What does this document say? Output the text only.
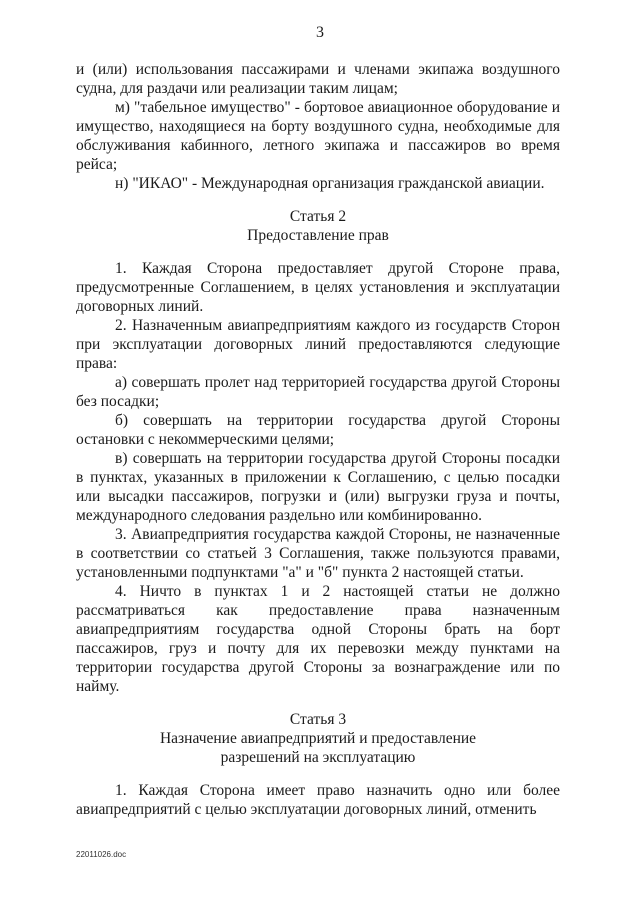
3

и (или) использования пассажирами и членами экипажа воздушного судна, для раздачи или реализации таким лицам;

м) "табельное имущество" - бортовое авиационное оборудование и имущество, находящиеся на борту воздушного судна, необходимые для обслуживания кабинного, летного экипажа и пассажиров во время рейса;

н) "ИКАО" - Международная организация гражданской авиации.

Статья 2

Предоставление прав

1. Каждая Сторона предоставляет другой Стороне права, предусмотренные Соглашением, в целях установления и эксплуатации договорных линий.

2. Назначенным авиапредприятиям каждого из государств Сторон при эксплуатации договорных линий предоставляются следующие права:

а) совершать пролет над территорией государства другой Стороны без посадки;

б) совершать на территории государства другой Стороны остановки с некоммерческими целями;

в) совершать на территории государства другой Стороны посадки в пунктах, указанных в приложении к Соглашению, с целью посадки или высадки пассажиров, погрузки и (или) выгрузки груза и почты, международного следования раздельно или комбинированно.

3. Авиапредприятия государства каждой Стороны, не назначенные в соответствии со статьей 3 Соглашения, также пользуются правами, установленными подпунктами "а" и "б" пункта 2 настоящей статьи.

4. Ничто в пунктах 1 и 2 настоящей статьи не должно рассматриваться как предоставление права назначенным авиапредприятиям государства одной Стороны брать на борт пассажиров, груз и почту для их перевозки между пунктами на территории государства другой Стороны за вознаграждение или по найму.

Статья 3

Назначение авиапредприятий и предоставление

разрешений на эксплуатацию

1. Каждая Сторона имеет право назначить одно или более авиапредприятий с целью эксплуатации договорных линий, отменить

22011026.doc
